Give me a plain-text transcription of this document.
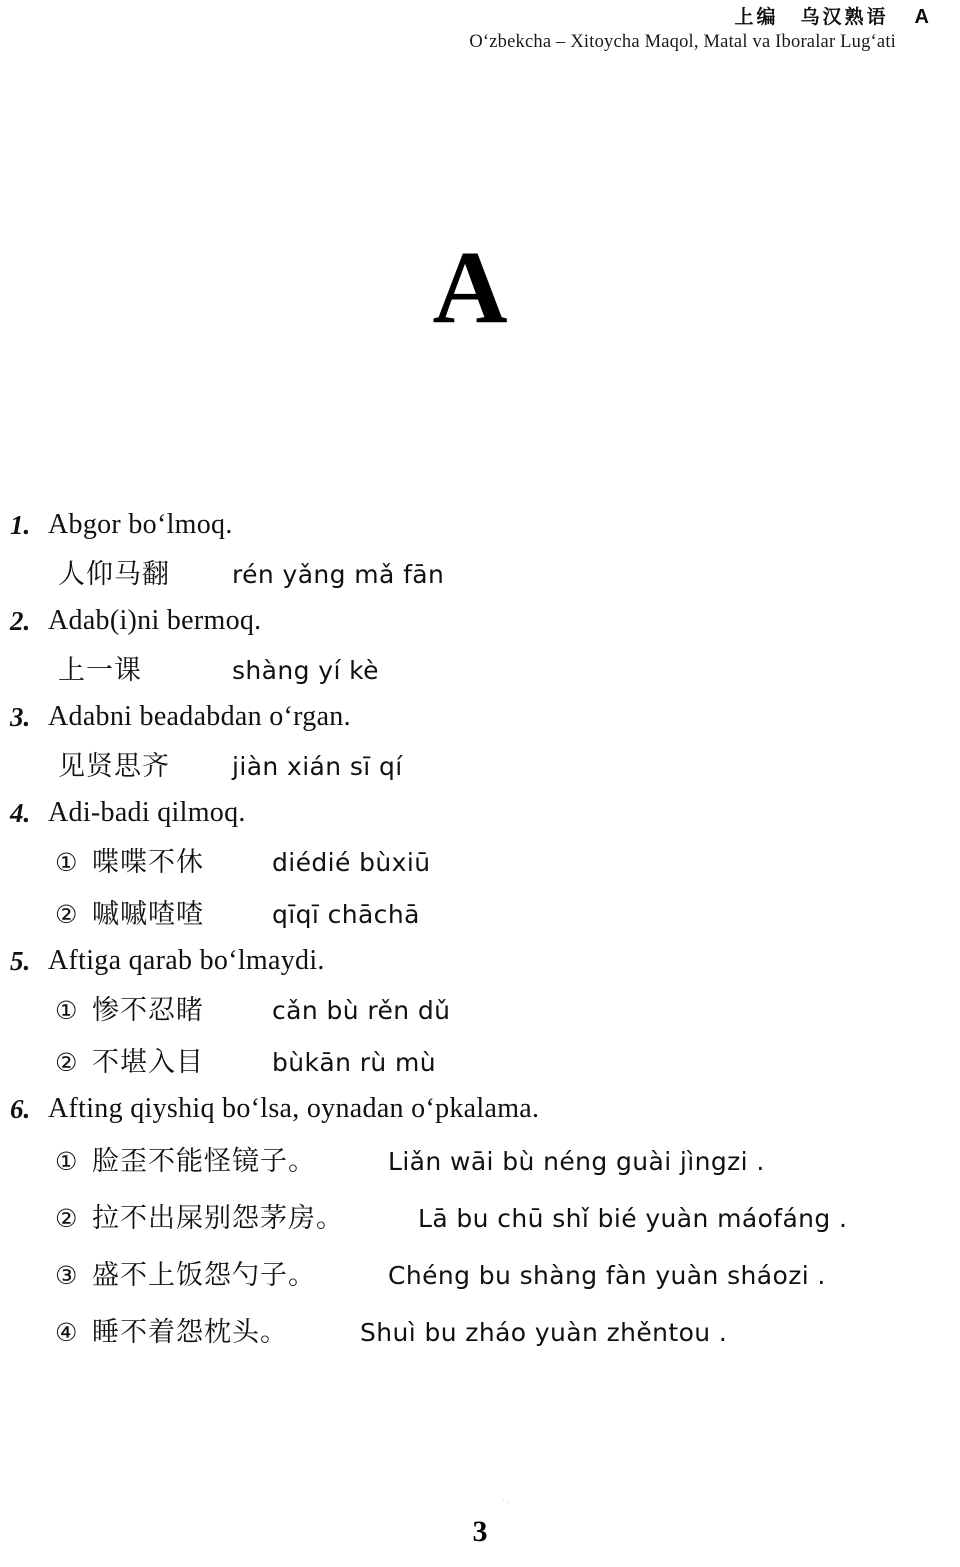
上编　乌汉熟语 A
O‘zbekcha – Xitoycha Maqol, Matal va Iboralar Lug‘ati
A
1. Abgor bo‘lmoq.
人仰马翻 rén yǎng mǎ fān
2. Adab(i)ni bermoq.
上一课	shàng yí kè
3. Adabni beadabdan o‘rgan.
见贤思齐 jiàn xián sī qí
4. Adi-badi qilmoq.
① 喋喋不休	diédié bùxiū
② 嘁嘁喳喳	qīqī chāchā
5. Aftiga qarab bo‘lmaydi.
① 惨不忍睹	cǎn bù rěn dǔ
② 不堪入目	bùkān rù mù
6. Afting qiyshiq bo‘lsa, oynadan o‘pkalama.
① 脸歪不能怪镜子。	Liǎn wāi bù néng guài jìngzi .
② 拉不出屎别怨茅房。	Lā bu chū shǐ bié yuàn máofáng .
③ 盛不上饭怨勺子。	Chéng bu shàng fàn yuàn sháozi .
④ 睡不着怨枕头。	Shuì bu zháo yuàn zhěntou .
˙ ·
3
